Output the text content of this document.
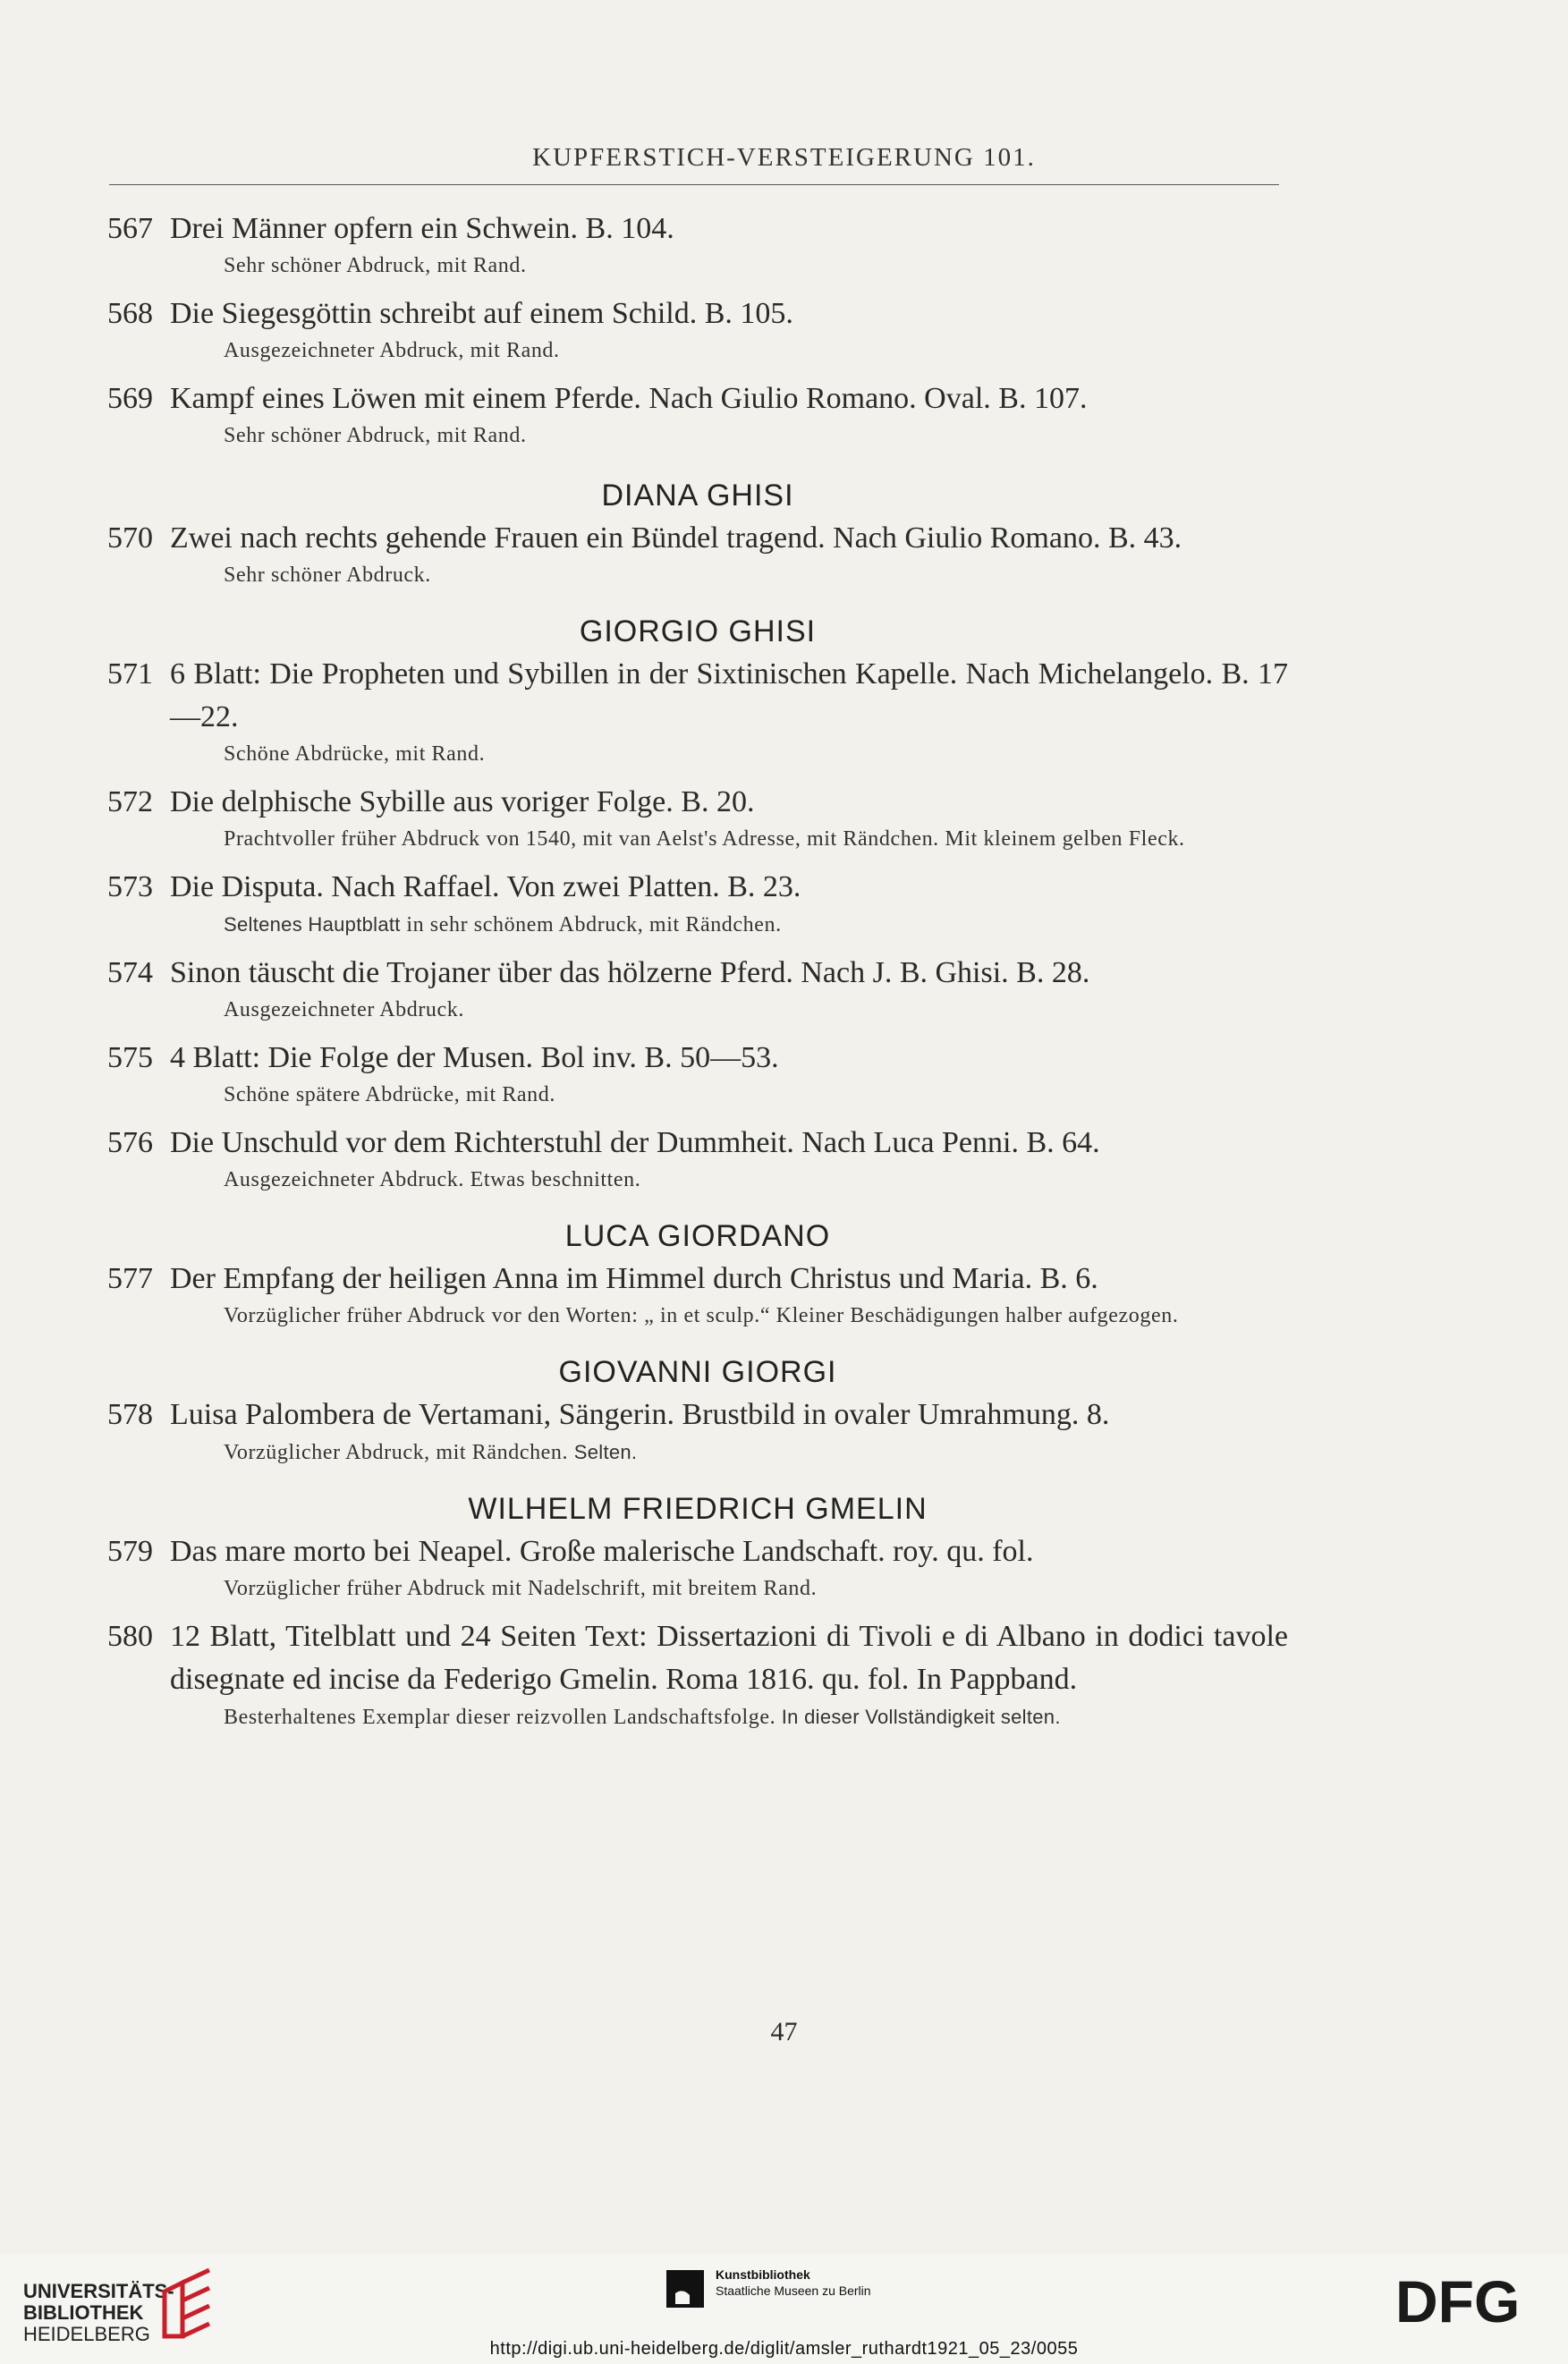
KUPFERSTICH-VERSTEIGERUNG 101.
567 Drei Männer opfern ein Schwein. B. 104.
Sehr schöner Abdruck, mit Rand.
568 Die Siegesgöttin schreibt auf einem Schild. B. 105.
Ausgezeichneter Abdruck, mit Rand.
569 Kampf eines Löwen mit einem Pferde. Nach Giulio Romano. Oval. B. 107.
Sehr schöner Abdruck, mit Rand.
DIANA GHISI
570 Zwei nach rechts gehende Frauen ein Bündel tragend. Nach Giulio Romano. B. 43.
Sehr schöner Abdruck.
GIORGIO GHISI
571 6 Blatt: Die Propheten und Sybillen in der Sixtinischen Kapelle. Nach Michelangelo. B. 17—22.
Schöne Abdrücke, mit Rand.
572 Die delphische Sybille aus voriger Folge. B. 20.
Prachtvoller früher Abdruck von 1540, mit van Aelst's Adresse, mit Rändchen. Mit kleinem gelben Fleck.
573 Die Disputa. Nach Raffael. Von zwei Platten. B. 23.
Seltenes Hauptblatt in sehr schönem Abdruck, mit Rändchen.
574 Sinon täuscht die Trojaner über das hölzerne Pferd. Nach J. B. Ghisi. B. 28.
Ausgezeichneter Abdruck.
575 4 Blatt: Die Folge der Musen. Bol inv. B. 50—53.
Schöne spätere Abdrücke, mit Rand.
576 Die Unschuld vor dem Richterstuhl der Dummheit. Nach Luca Penni. B. 64.
Ausgezeichneter Abdruck. Etwas beschnitten.
LUCA GIORDANO
577 Der Empfang der heiligen Anna im Himmel durch Christus und Maria. B. 6.
Vorzüglicher früher Abdruck vor den Worten: „ in et sculp.“ Kleiner Beschädigungen halber aufgezogen.
GIOVANNI GIORGI
578 Luisa Palombera de Vertamani, Sängerin. Brustbild in ovaler Umrahmung. 8.
Vorzüglicher Abdruck, mit Rändchen. Selten.
WILHELM FRIEDRICH GMELIN
579 Das mare morto bei Neapel. Große malerische Landschaft. roy. qu. fol.
Vorzüglicher früher Abdruck mit Nadelschrift, mit breitem Rand.
580 12 Blatt, Titelblatt und 24 Seiten Text: Dissertazioni di Tivoli e di Albano in dodici tavole disegnate ed incise da Federigo Gmelin. Roma 1816. qu. fol. In Pappband.
Besterhaltenes Exemplar dieser reizvollen Landschaftsfolge. In dieser Vollständigkeit selten.
47
UNIVERSITÄTS-
BIBLIOTHEK
HEIDELBERG
Kunstbibliothek
Staatliche Museen zu Berlin	DFG
http://digi.ub.uni-heidelberg.de/diglit/amsler_ruthardt1921_05_23/0055
